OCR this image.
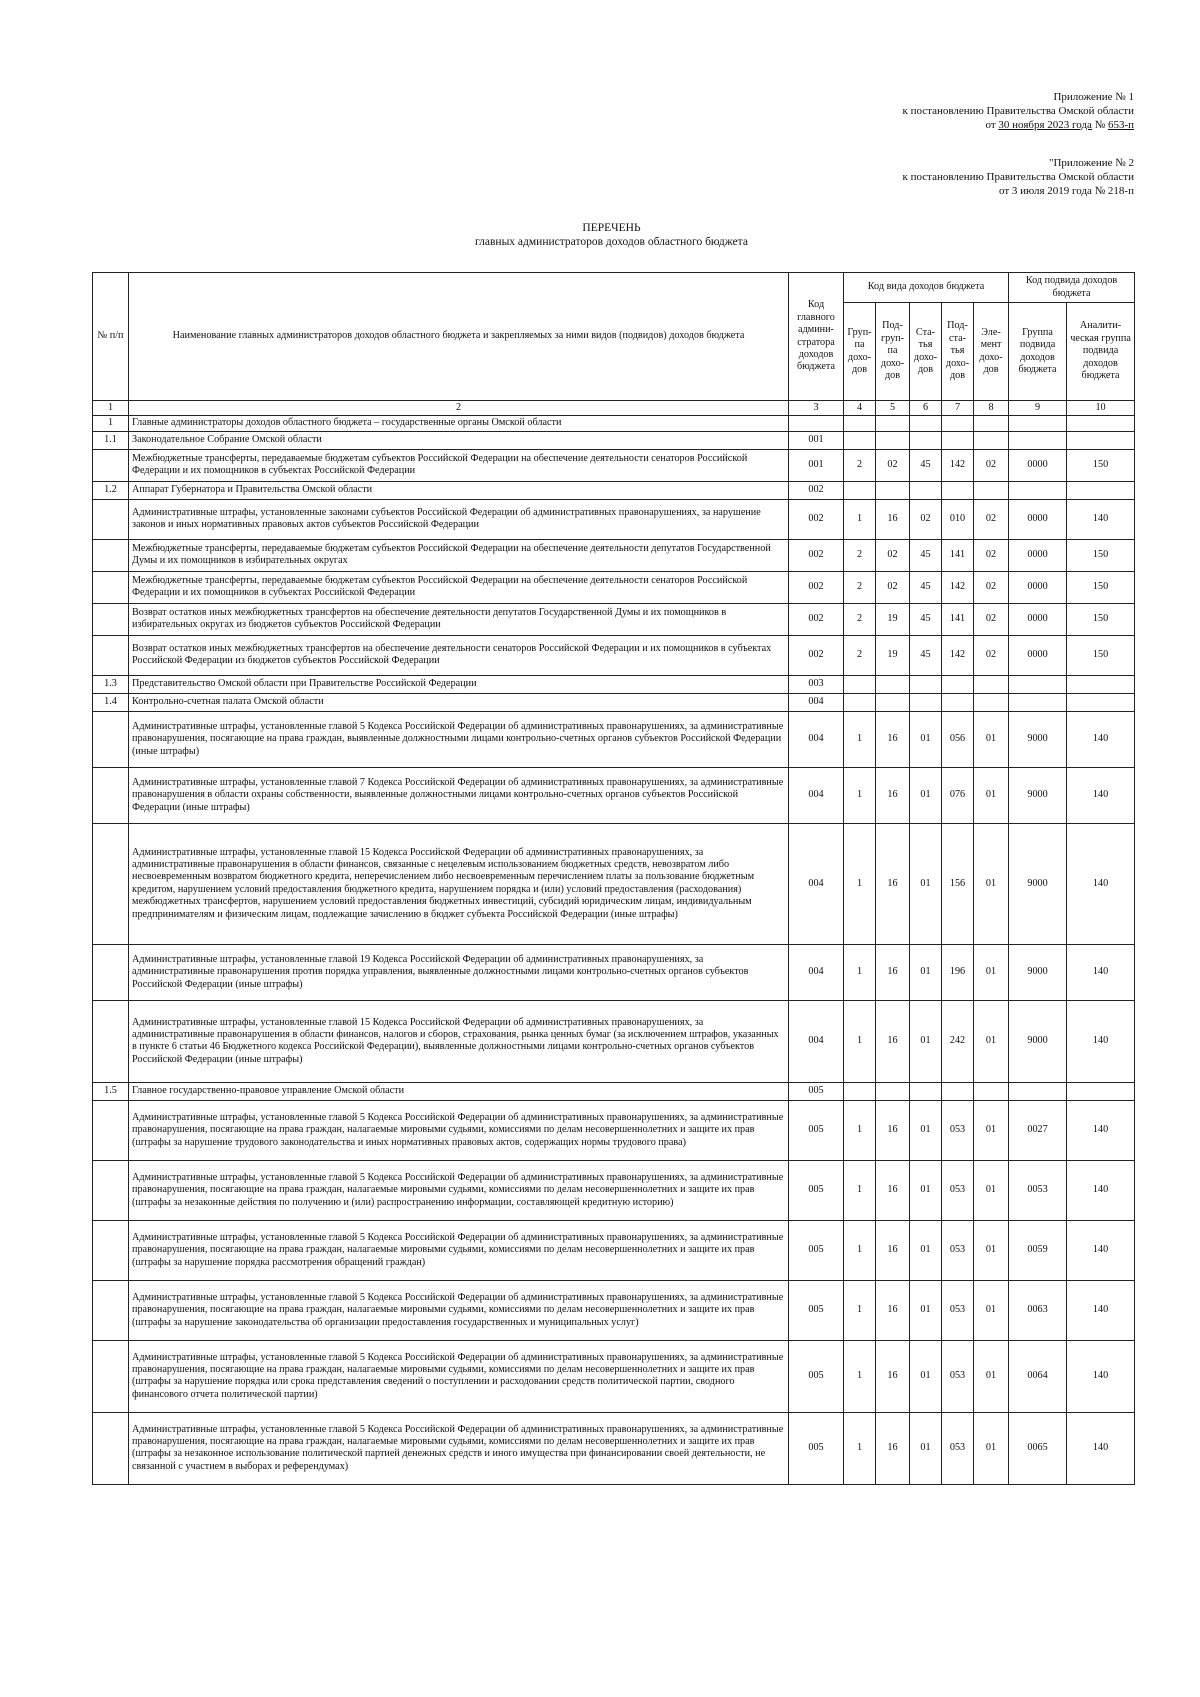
Приложение № 1
к постановлению Правительства Омской области
от 30 ноября 2023 года № 653-п
"Приложение № 2
к постановлению Правительства Омской области
от 3 июля 2019 года № 218-п
ПЕРЕЧЕНЬ
главных администраторов доходов областного бюджета
№ п/п	Наименование главных администраторов доходов областного бюджета и закрепляемых за ними видов (подвидов) доходов бюджета	Код главного админи-стратора доходов бюджета	Код вида доходов бюджета					Код подвида доходов бюджета	
			Груп-па дохо-дов	Под-груп-па дохо-дов	Ста-тья дохо-дов	Под-ста-тья дохо-дов	Эле-мент дохо-дов	Группа подвида доходов бюджета	Аналити-ческая группа подвида доходов бюджета
1	2	3	4	5	6	7	8	9	10
1	Главные администраторы доходов областного бюджета – государственные органы Омской области								
1.1	Законодательное Собрание Омской области	001							
	Межбюджетные трансферты, передаваемые бюджетам субъектов Российской Федерации на обеспечение деятельности сенаторов Российской Федерации и их помощников в субъектах Российской Федерации	001	2	02	45	142	02	0000	150
1.2	Аппарат Губернатора и Правительства Омской области	002							
	Административные штрафы, установленные законами субъектов Российской Федерации об административных правонарушениях, за нарушение законов и иных нормативных правовых актов субъектов Российской Федерации	002	1	16	02	010	02	0000	140
	Межбюджетные трансферты, передаваемые бюджетам субъектов Российской Федерации на обеспечение деятельности депутатов Государственной Думы и их помощников в избирательных округах	002	2	02	45	141	02	0000	150
	Межбюджетные трансферты, передаваемые бюджетам субъектов Российской Федерации на обеспечение деятельности сенаторов Российской Федерации и их помощников в субъектах Российской Федерации	002	2	02	45	142	02	0000	150
	Возврат остатков иных межбюджетных трансфертов на обеспечение деятельности депутатов Государственной Думы и их помощников в избирательных округах из бюджетов субъектов Российской Федерации	002	2	19	45	141	02	0000	150
	Возврат остатков иных межбюджетных трансфертов на обеспечение деятельности сенаторов Российской Федерации и их помощников в субъектах Российской Федерации из бюджетов субъектов Российской Федерации	002	2	19	45	142	02	0000	150
1.3	Представительство Омской области при Правительстве Российской Федерации	003							
1.4	Контрольно-счетная палата Омской области	004							
	Административные штрафы, установленные главой 5 Кодекса Российской Федерации об административных правонарушениях, за административные правонарушения, посягающие на права граждан, выявленные должностными лицами контрольно-счетных органов субъектов Российской Федерации (иные штрафы)	004	1	16	01	056	01	9000	140
	Административные штрафы, установленные главой 7 Кодекса Российской Федерации об административных правонарушениях, за административные правонарушения в области охраны собственности, выявленные должностными лицами контрольно-счетных органов субъектов Российской Федерации (иные штрафы)	004	1	16	01	076	01	9000	140
	Административные штрафы, установленные главой 15 Кодекса Российской Федерации об административных правонарушениях, за административные правонарушения в области финансов, связанные с нецелевым использованием бюджетных средств, невозвратом либо несвоевременным возвратом бюджетного кредита, неперечислением либо несвоевременным перечислением платы за пользование бюджетным кредитом, нарушением условий предоставления бюджетного кредита, нарушением порядка и (или) условий предоставления (расходования) межбюджетных трансфертов, нарушением условий предоставления бюджетных инвестиций, субсидий юридическим лицам, индивидуальным предпринимателям и физическим лицам, подлежащие зачислению в бюджет субъекта Российской Федерации (иные штрафы)	004	1	16	01	156	01	9000	140
	Административные штрафы, установленные главой 19 Кодекса Российской Федерации об административных правонарушениях, за административные правонарушения против порядка управления, выявленные должностными лицами контрольно-счетных органов субъектов Российской Федерации (иные штрафы)	004	1	16	01	196	01	9000	140
	Административные штрафы, установленные главой 15 Кодекса Российской Федерации об административных правонарушениях, за административные правонарушения в области финансов, налогов и сборов, страхования, рынка ценных бумаг (за исключением штрафов, указанных в пункте 6 статьи 46 Бюджетного кодекса Российской Федерации), выявленные должностными лицами контрольно-счетных органов субъектов Российской Федерации (иные штрафы)	004	1	16	01	242	01	9000	140
1.5	Главное государственно-правовое управление Омской области	005							
	Административные штрафы, установленные главой 5 Кодекса Российской Федерации об административных правонарушениях, за административные правонарушения, посягающие на права граждан, налагаемые мировыми судьями, комиссиями по делам несовершеннолетних и защите их прав (штрафы за нарушение трудового законодательства и иных нормативных правовых актов, содержащих нормы трудового права)	005	1	16	01	053	01	0027	140
	Административные штрафы, установленные главой 5 Кодекса Российской Федерации об административных правонарушениях, за административные правонарушения, посягающие на права граждан, налагаемые мировыми судьями, комиссиями по делам несовершеннолетних и защите их прав (штрафы за незаконные действия по получению и (или) распространению информации, составляющей кредитную историю)	005	1	16	01	053	01	0053	140
	Административные штрафы, установленные главой 5 Кодекса Российской Федерации об административных правонарушениях, за административные правонарушения, посягающие на права граждан, налагаемые мировыми судьями, комиссиями по делам несовершеннолетних и защите их прав (штрафы за нарушение порядка рассмотрения обращений граждан)	005	1	16	01	053	01	0059	140
	Административные штрафы, установленные главой 5 Кодекса Российской Федерации об административных правонарушениях, за административные правонарушения, посягающие на права граждан, налагаемые мировыми судьями, комиссиями по делам несовершеннолетних и защите их прав (штрафы за нарушение законодательства об организации предоставления государственных и муниципальных услуг)	005	1	16	01	053	01	0063	140
	Административные штрафы, установленные главой 5 Кодекса Российской Федерации об административных правонарушениях, за административные правонарушения, посягающие на права граждан, налагаемые мировыми судьями, комиссиями по делам несовершеннолетних и защите их прав (штрафы за нарушение порядка или срока представления сведений о поступлении и расходовании средств политической партии, сводного финансового отчета политической партии)	005	1	16	01	053	01	0064	140
	Административные штрафы, установленные главой 5 Кодекса Российской Федерации об административных правонарушениях, за административные правонарушения, посягающие на права граждан, налагаемые мировыми судьями, комиссиями по делам несовершеннолетних и защите их прав (штрафы за незаконное использование политической партией денежных средств и иного имущества при финансировании своей деятельности, не связанной с участием в выборах и референдумах)	005	1	16	01	053	01	0065	140
